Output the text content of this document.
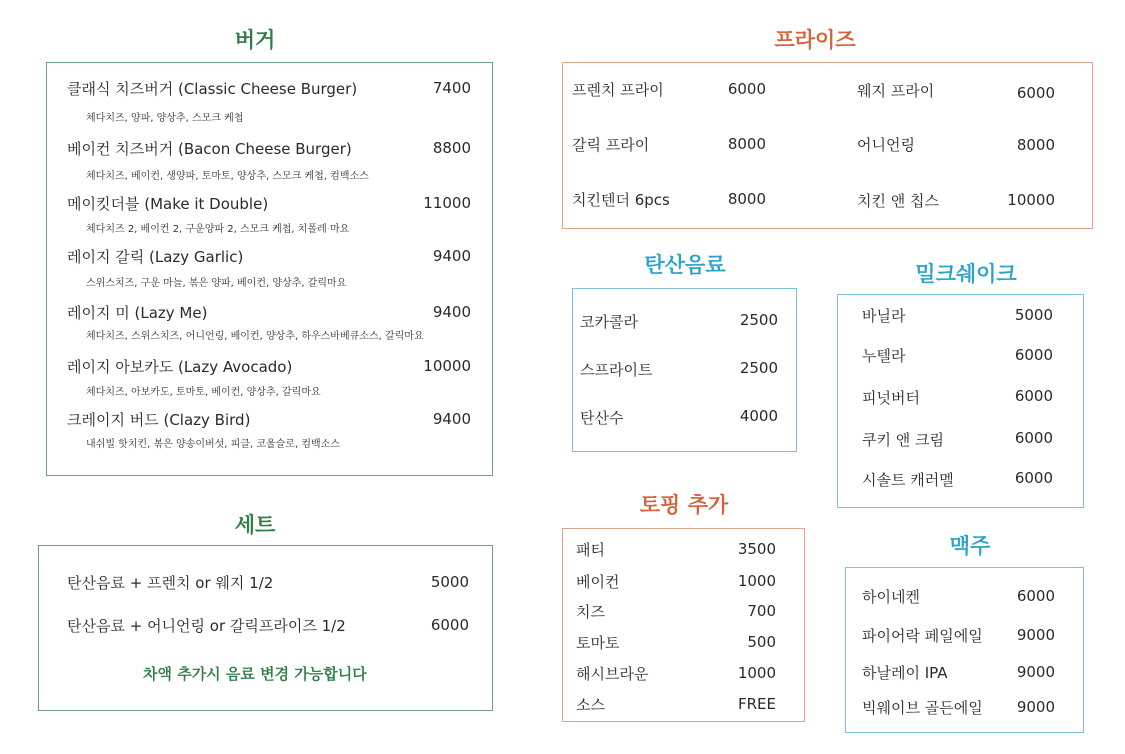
버거
클래식 치즈버거 (Classic Cheese Burger)	7400
체다치즈, 양파, 양상추, 스모크 케첩
베이컨 치즈버거 (Bacon Cheese Burger)	8800
체다치즈, 베이컨, 생양파, 토마토, 양상추, 스모크 케첩, 컴백소스
메이킷더블 (Make it Double)	11000
체다치즈 2, 베이컨 2, 구운양파 2, 스모크 케첩, 치폴레 마요
레이지 갈릭 (Lazy Garlic)	9400
스위스치즈, 구운 마늘, 볶은 양파, 베이컨, 양상추, 갈릭마요
레이지 미 (Lazy Me)	9400
체다치즈, 스위스치즈, 어니언링, 베이컨, 양상추, 하우스바베큐소스, 갈릭마요
레이지 아보카도 (Lazy Avocado)	10000
체다치즈, 아보카도, 토마토, 베이컨, 양상추, 갈릭마요
크레이지 버드 (Clazy Bird)	9400
내쉬빌 핫치킨, 볶은 양송이버섯, 피클, 코울슬로, 컴백소스
세트
탄산음료 + 프렌치 or 웨지 1/2	5000
탄산음료 + 어니언링 or 갈릭프라이즈 1/2	6000
차액 추가시 음료 변경 가능합니다
프라이즈
프렌치 프라이	6000	웨지 프라이	6000
갈릭 프라이	8000	어니언링	8000
치킨텐더 6pcs	8000	치킨 앤 칩스	10000
탄산음료
코카콜라	2500
스프라이트	2500
탄산수	4000
밀크쉐이크
바닐라	5000
누텔라	6000
피넛버터	6000
쿠키 앤 크림	6000
시솔트 캐러멜	6000
토핑 추가
패티	3500
베이컨	1000
치즈	700
토마토	500
해시브라운	1000
소스	FREE
맥주
하이네켄	6000
파이어락 페일에일 9000
하날레이 IPA	9000
빅웨이브 골든에일 9000
